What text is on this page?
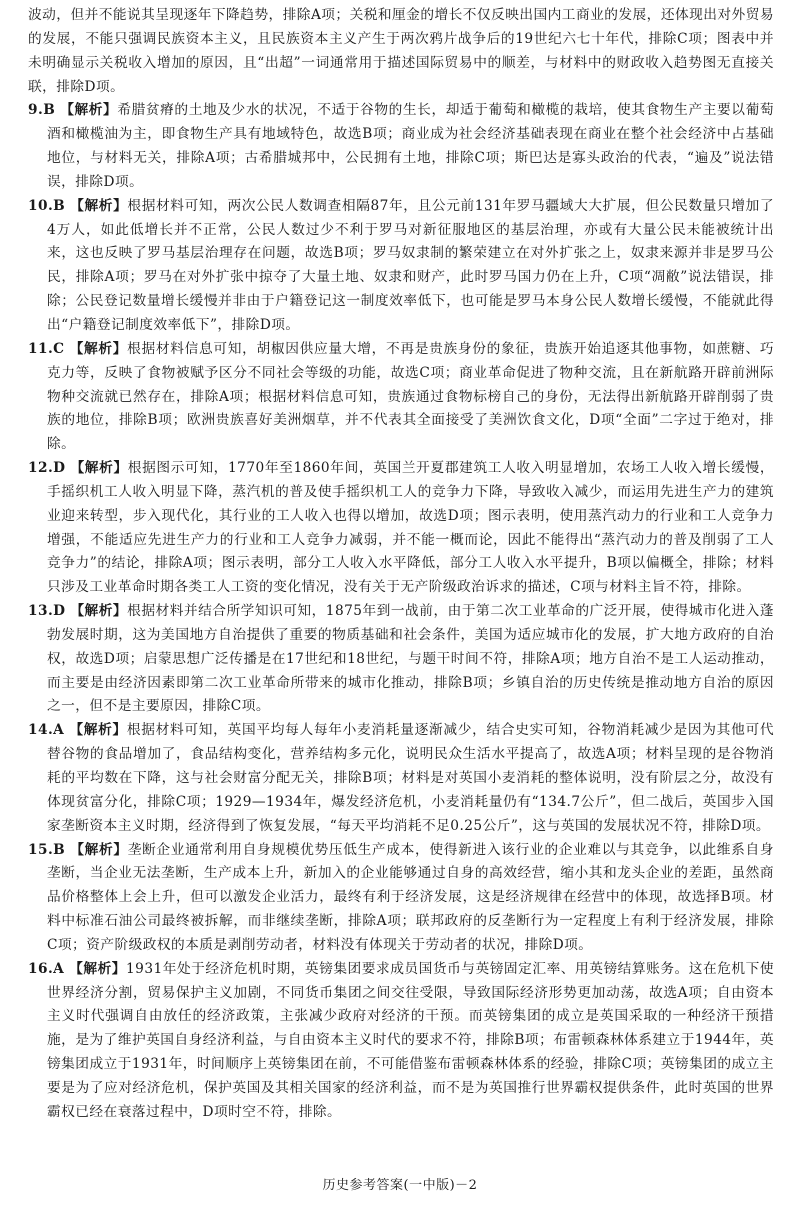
波动，但并不能说其呈现逐年下降趋势，排除A项；关税和厘金的增长不仅反映出国内工商业的发展，还体现出对外贸易的发展，不能只强调民族资本主义，且民族资本主义产生于两次鸦片战争后的19世纪六七十年代，排除C项；图表中并未明确显示关税收入增加的原因，且“出超”一词通常用于描述国际贸易中的顺差，与材料中的财政收入趋势图无直接关联，排除D项。

9.B 【解析】希腊贫瘠的土地及少水的状况，不适于谷物的生长，却适于葡萄和橄榄的栽培，使其食物生产主要以葡萄酒和橄榄油为主，即食物生产具有地域特色，故选B项；商业成为社会经济基础表现在商业在整个社会经济中占基础地位，与材料无关，排除A项；古希腊城邦中，公民拥有土地，排除C项；斯巴达是寡头政治的代表，“遍及”说法错误，排除D项。

10.B 【解析】根据材料可知，两次公民人数调查相隔87年，且公元前131年罗马疆域大大扩展，但公民数量只增加了4万人，如此低增长并不正常，公民人数过少不利于罗马对新征服地区的基层治理，亦或有大量公民未能被统计出来，这也反映了罗马基层治理存在问题，故选B项；罗马奴隶制的繁荣建立在对外扩张之上，奴隶来源并非是罗马公民，排除A项；罗马在对外扩张中掠夺了大量土地、奴隶和财产，此时罗马国力仍在上升，C项“凋敝”说法错误，排除；公民登记数量增长缓慢并非由于户籍登记这一制度效率低下，也可能是罗马本身公民人数增长缓慢，不能就此得出“户籍登记制度效率低下”，排除D项。

11.C 【解析】根据材料信息可知，胡椒因供应量大增，不再是贵族身份的象征，贵族开始追逐其他事物，如蔗糖、巧克力等，反映了食物被赋予区分不同社会等级的功能，故选C项；商业革命促进了物种交流，且在新航路开辟前洲际物种交流就已然存在，排除A项；根据材料信息可知，贵族通过食物标榜自己的身份，无法得出新航路开辟削弱了贵族的地位，排除B项；欧洲贵族喜好美洲烟草，并不代表其全面接受了美洲饮食文化，D项“全面”二字过于绝对，排除。

12.D 【解析】根据图示可知，1770年至1860年间，英国兰开夏郡建筑工人收入明显增加，农场工人收入增长缓慢，手摇织机工人收入明显下降，蒸汽机的普及使手摇织机工人的竞争力下降，导致收入减少，而运用先进生产力的建筑业迎来转型，步入现代化，其行业的工人收入也得以增加，故选D项；图示表明，使用蒸汽动力的行业和工人竞争力增强，不能适应先进生产力的行业和工人竞争力减弱，并不能一概而论，因此不能得出“蒸汽动力的普及削弱了工人竞争力”的结论，排除A项；图示表明，部分工人收入水平降低，部分工人收入水平提升，B项以偏概全，排除；材料只涉及工业革命时期各类工人工资的变化情况，没有关于无产阶级政治诉求的描述，C项与材料主旨不符，排除。

13.D 【解析】根据材料并结合所学知识可知，1875年到一战前，由于第二次工业革命的广泛开展，使得城市化进入蓬勃发展时期，这为美国地方自治提供了重要的物质基础和社会条件，美国为适应城市化的发展，扩大地方政府的自治权，故选D项；启蒙思想广泛传播是在17世纪和18世纪，与题干时间不符，排除A项；地方自治不是工人运动推动，而主要是由经济因素即第二次工业革命所带来的城市化推动，排除B项；乡镇自治的历史传统是推动地方自治的原因之一，但不是主要原因，排除C项。

14.A 【解析】根据材料可知，英国平均每人每年小麦消耗量逐渐减少，结合史实可知，谷物消耗减少是因为其他可代替谷物的食品增加了，食品结构变化，营养结构多元化，说明民众生活水平提高了，故选A项；材料呈现的是谷物消耗的平均数在下降，这与社会财富分配无关，排除B项；材料是对英国小麦消耗的整体说明，没有阶层之分，故没有体现贫富分化，排除C项；1929—1934年，爆发经济危机，小麦消耗量仍有“134.7公斤”，但二战后，英国步入国家垄断资本主义时期，经济得到了恢复发展，“每天平均消耗不足0.25公斤”，这与英国的发展状况不符，排除D项。

15.B 【解析】垄断企业通常利用自身规模优势压低生产成本，使得新进入该行业的企业难以与其竞争，以此维系自身垄断，当企业无法垄断，生产成本上升，新加入的企业能够通过自身的高效经营，缩小其和龙头企业的差距，虽然商品价格整体上会上升，但可以激发企业活力，最终有利于经济发展，这是经济规律在经营中的体现，故选择B项。材料中标准石油公司最终被拆解，而非继续垄断，排除A项；联邦政府的反垄断行为一定程度上有利于经济发展，排除C项；资产阶级政权的本质是剥削劳动者，材料没有体现关于劳动者的状况，排除D项。

16.A 【解析】1931年处于经济危机时期，英镑集团要求成员国货币与英镑固定汇率、用英镑结算账务。这在危机下使世界经济分割，贸易保护主义加剧，不同货币集团之间交往受限，导致国际经济形势更加动荡，故选A项；自由资本主义时代强调自由放任的经济政策，主张减少政府对经济的干预。而英镑集团的成立是英国采取的一种经济干预措施，是为了维护英国自身经济利益，与自由资本主义时代的要求不符，排除B项；布雷顿森林体系建立于1944年，英镑集团成立于1931年，时间顺序上英镑集团在前，不可能借鉴布雷顿森林体系的经验，排除C项；英镑集团的成立主要是为了应对经济危机，保护英国及其相关国家的经济利益，而不是为英国推行世界霸权提供条件，此时英国的世界霸权已经在衰落过程中，D项时空不符，排除。

历史参考答案(一中版)－2
